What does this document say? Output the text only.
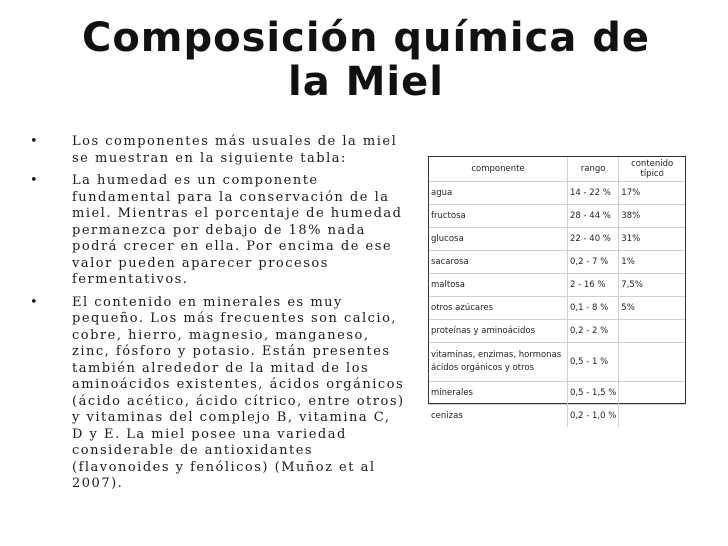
Composición química de la Miel
•	Los componentes más usuales de la miel se muestran en la siguiente tabla:
•	La humedad es un componente fundamental para la conservación de la miel. Mientras el porcentaje de humedad permanezca por debajo de 18% nada podrá crecer en ella. Por encima de ese valor pueden aparecer procesos fermentativos.
•	El contenido en minerales es muy pequeño. Los más frecuentes son calcio, cobre, hierro, magnesio, manganeso, zinc, fósforo y potasio. Están presentes también alrededor de la mitad de los aminoácidos existentes, ácidos orgánicos (ácido acético, ácido cítrico, entre otros) y vitaminas del complejo B, vitamina C, D y E. La miel posee una variedad considerable de antioxidantes (flavonoides y fenólicos) (Muñoz et al 2007).
componente	rango	contenido típico
agua	14 - 22 %	17%
fructosa	28 - 44 %	38%
glucosa	22 - 40 %	31%
sacarosa	0,2 - 7 %	1%
maltosa	2 - 16 %	7,5%
otros azúcares	0,1 - 8 %	5%
proteínas y aminoácidos	0,2 - 2 %	
vitaminas, enzimas, hormonas ácidos orgánicos y otros	0,5 - 1 %	
minerales	0,5 - 1,5 %	
cenizas	0,2 - 1,0 %	
